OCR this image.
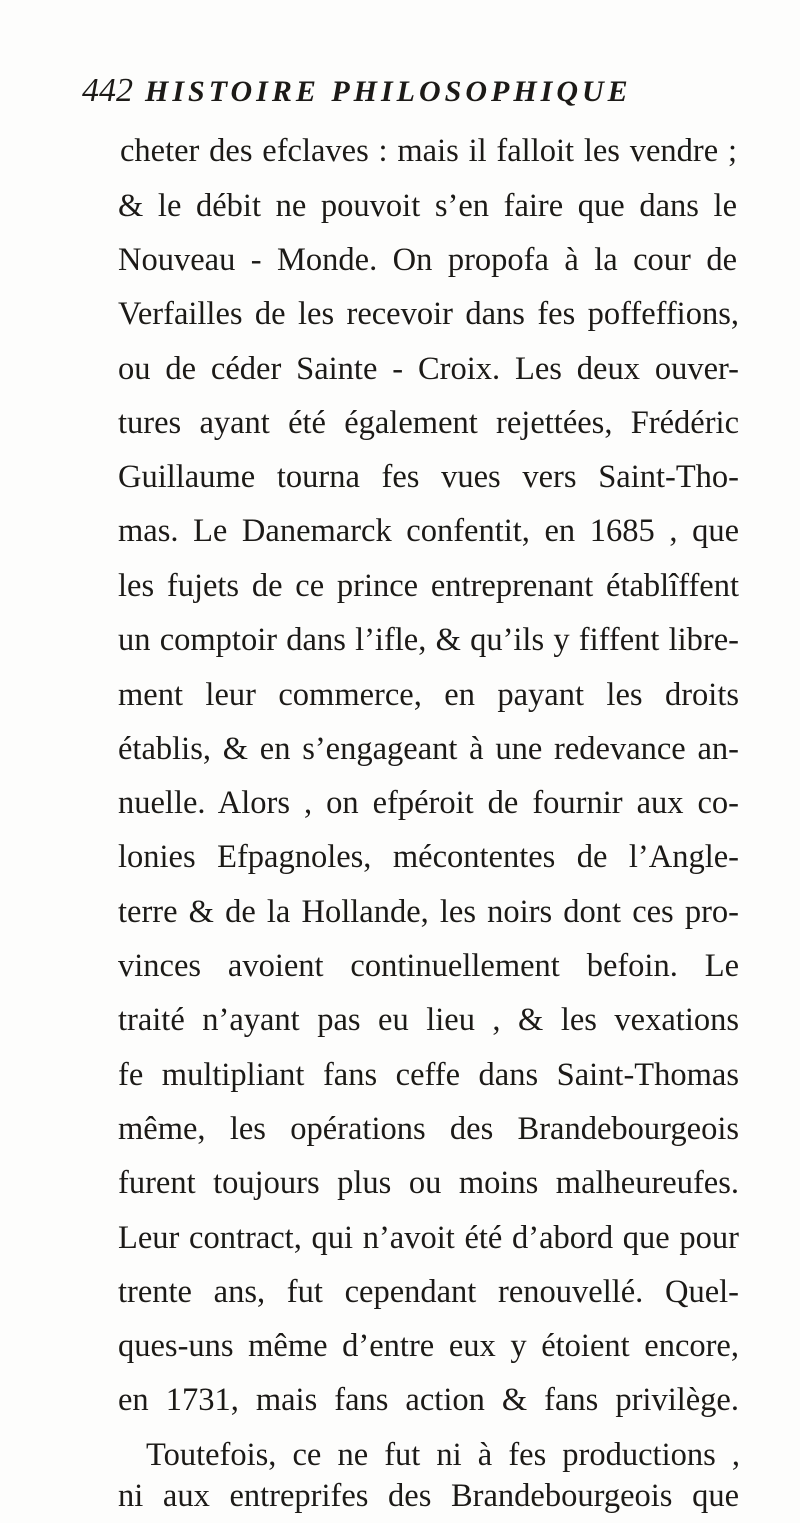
442 HISTOIRE PHILOSOPHIQUE
cheter des efclaves : mais il falloit les vendre ;
& le débit ne pouvoit s’en faire que dans le
Nouveau - Monde. On propofa à la cour de
Verfailles de les recevoir dans fes poffeffions,
ou de céder Sainte - Croix. Les deux ouver-
tures ayant été également rejettées, Frédéric
Guillaume tourna fes vues vers Saint-Tho-
mas. Le Danemarck confentit, en 1685 , que
les fujets de ce prince entreprenant établîffent
un comptoir dans l’ifle, & qu’ils y fiffent libre-
ment leur commerce, en payant les droits
établis, & en s’engageant à une redevance an-
nuelle. Alors , on efpéroit de fournir aux co-
lonies Efpagnoles, mécontentes de l’Angle-
terre & de la Hollande, les noirs dont ces pro-
vinces avoient continuellement befoin. Le
traité n’ayant pas eu lieu , & les vexations
fe multipliant fans ceffe dans Saint-Thomas
même, les opérations des Brandebourgeois
furent toujours plus ou moins malheureufes.
Leur contract, qui n’avoit été d’abord que pour
trente ans, fut cependant renouvellé. Quel-
ques-uns même d’entre eux y étoient encore,
en 1731, mais fans action & fans privilège.
Toutefois, ce ne fut ni à fes productions ,
ni aux entreprifes des Brandebourgeois que
